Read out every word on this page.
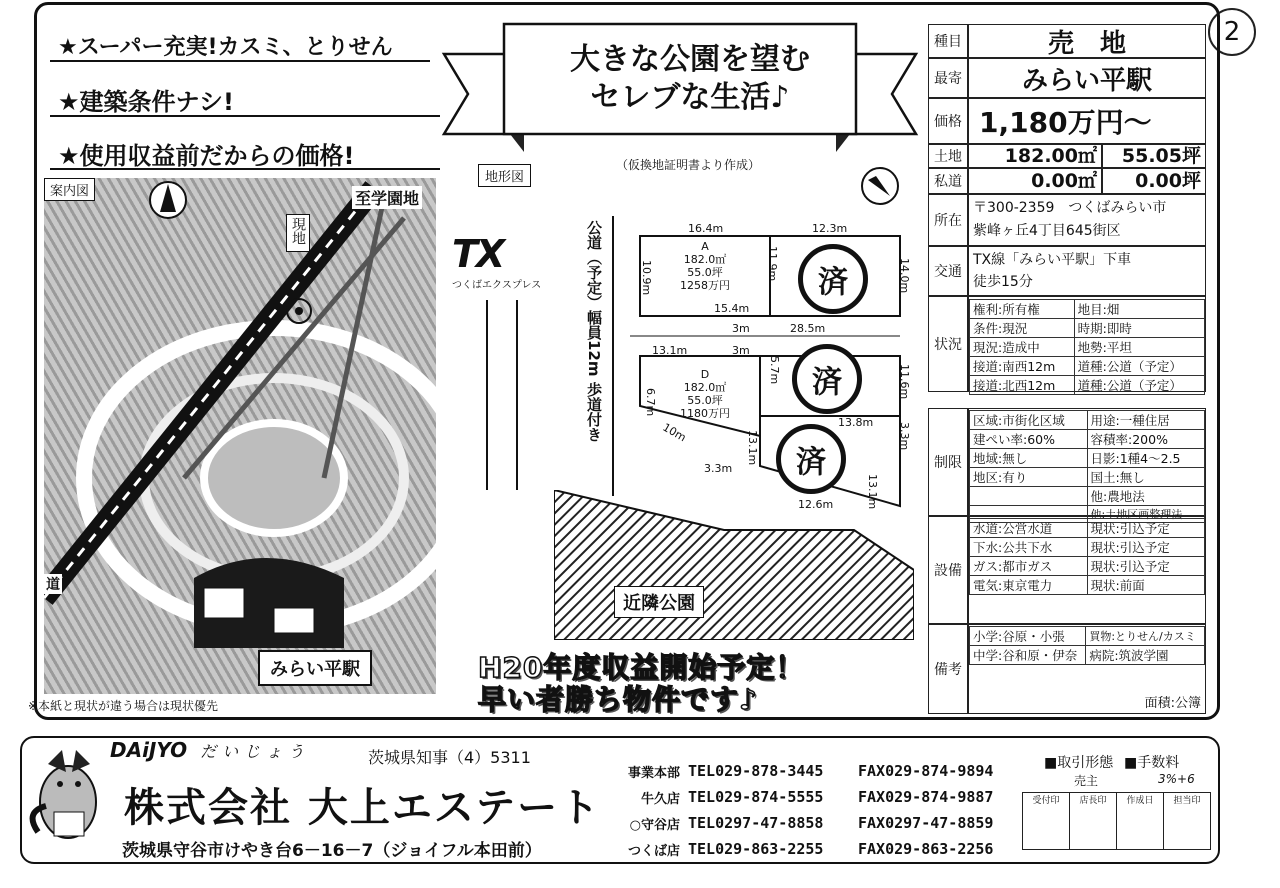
2
★スーパー充実!カスミ、とりせん
★建築条件ナシ!
★使用収益前だからの価格!
大きな公園を望む
セレブな生活♪
案内図	至学園地
現地
みらい平駅
道
地形図
（仮換地証明書より作成）
TX
つくばエクスプレス	公道（予定）幅員12m 歩道付き
近隣公園
A
182.0㎡
55.0坪
1258万円
D
182.0㎡
55.0坪
1180万円
済
済
済
16.4m	12.3m
10.9m	11.9m	14.0m
15.4m
3m	28.5m
13.1m	3m
6.7m
5.7m	11.6m
13.8m
10m
3.3m
13.1m	3.3m
13.1m
12.6m
H20年度収益開始予定！
早い者勝ち物件です♪
※本紙と現状が違う場合は現状優先
種目	売　地
最寄 みらい平駅
価格 1,180万円～
土地	182.00㎡	55.05坪
私道	0.00㎡	0.00坪
所在
〒300-2359　つくばみらい市
紫峰ヶ丘4丁目645街区
交通
TX線「みらい平駅」下車
徒歩15分
状況
権利:所有権	地目:畑
条件:現況	時期:即時
現況:造成中	地勢:平坦
接道:南西12m	道種:公道（予定）
接道:北西12m	道種:公道（予定）
制限
区域:市街化区域	用途:一種住居
建ぺい率:60%	容積率:200%
地域:無し	日影:1種4～2.5
地区:有り	国土:無し
	他:農地法
	他:土地区画整理法
設備
水道:公営水道	現状:引込予定
下水:公共下水	現状:引込予定
ガス:都市ガス	現状:引込予定
電気:東京電力	現状:前面
備考
小学:谷原・小張	買物:とりせん/カスミ
中学:谷和原・伊奈	病院:筑波学園
面積:公簿
DAiJYO だいじょう	茨城県知事（4）5311
株式会社 大上エステート
茨城県守谷市けやき台6－16－7（ジョイフル本田前）
事業本部 TEL029-878-3445	FAX029-874-9894
牛久店 TEL029-874-5555	FAX029-874-9887
○守谷店 TEL0297-47-8858	FAX0297-47-8859
つくば店 TEL029-863-2255	FAX029-863-2256
■取引形態
売主
■手数料
3%+6
受付印	店長印	作成日	担当印
